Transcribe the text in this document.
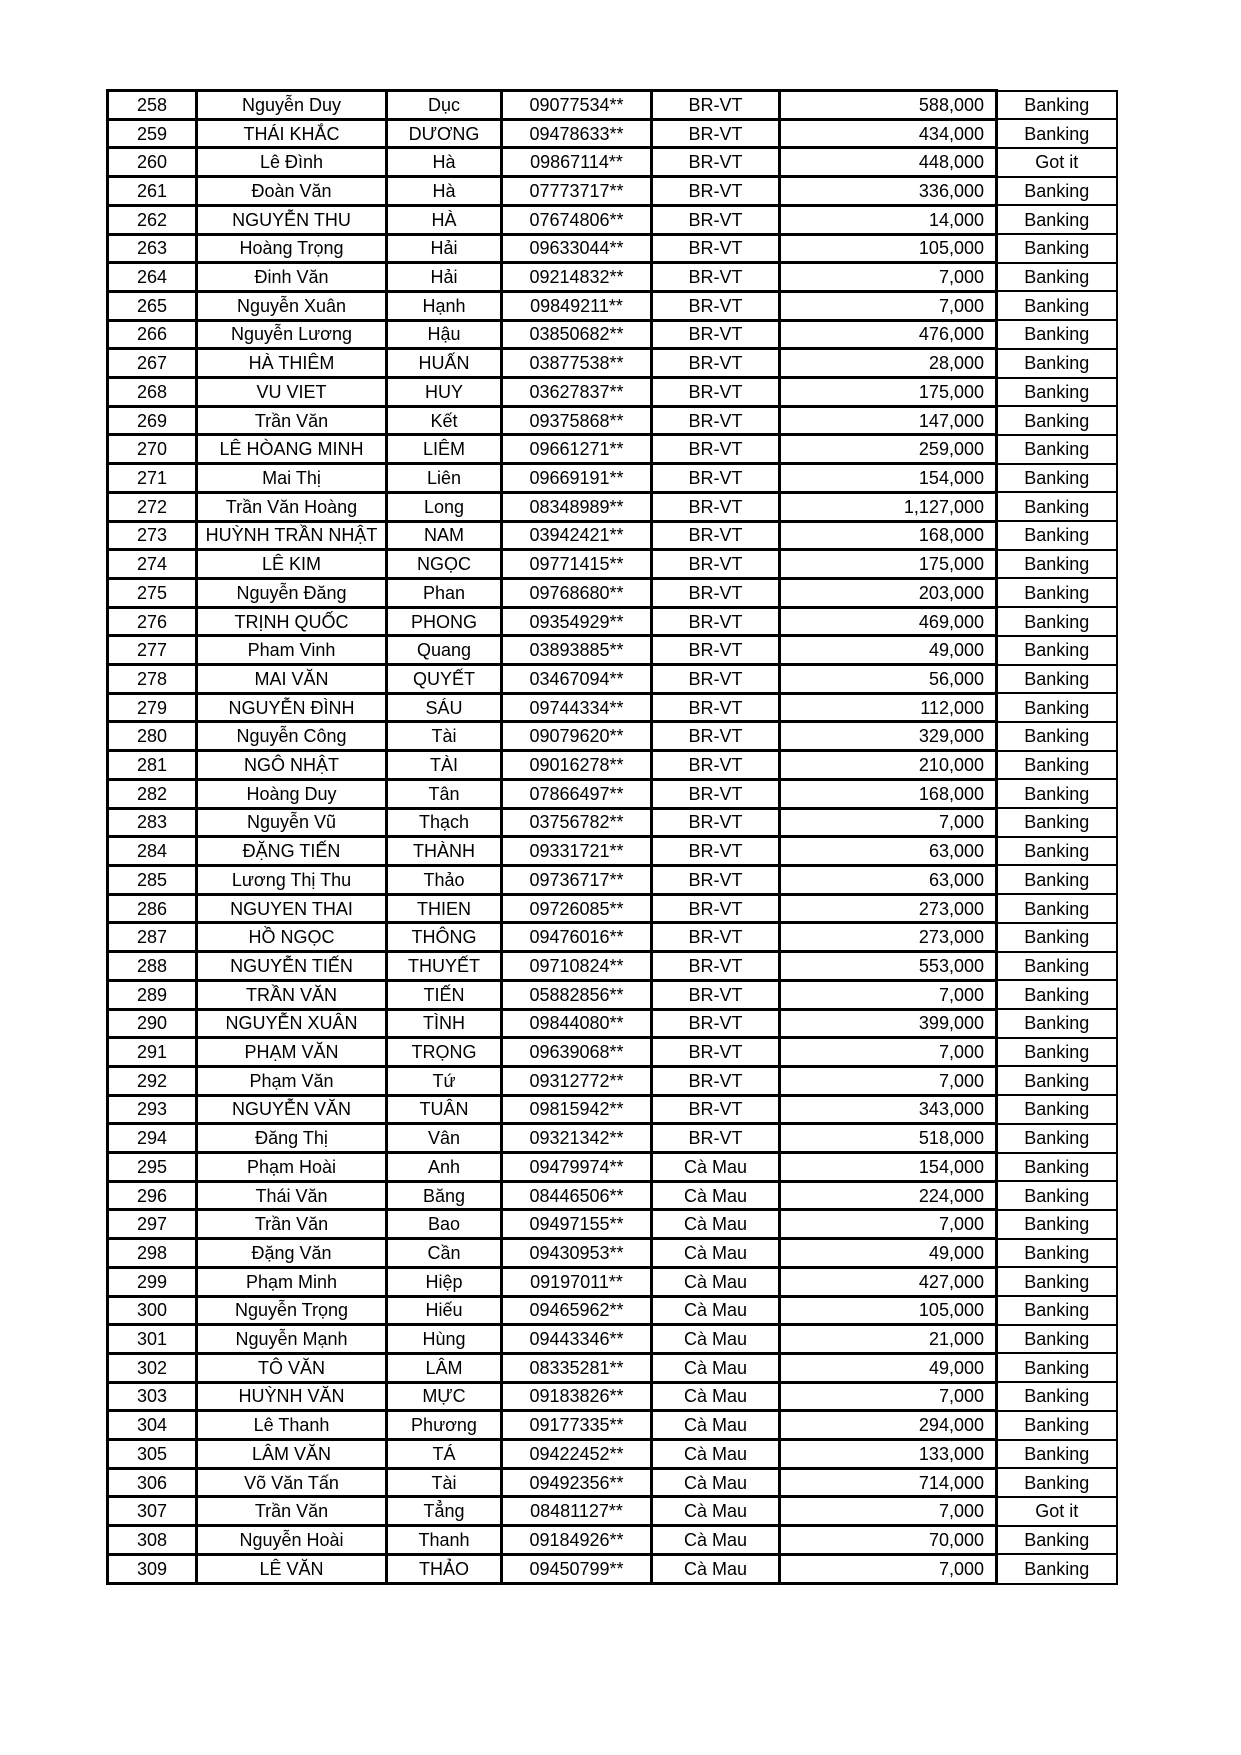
258	Nguyễn Duy	Dục	09077534**	BR-VT	588,000	Banking
259	THÁI KHẮC	DƯƠNG	09478633**	BR-VT	434,000	Banking
260	Lê Đình	Hà	09867114**	BR-VT	448,000	Got it
261	Đoàn Văn	Hà	07773717**	BR-VT	336,000	Banking
262	NGUYỄN THU	HÀ	07674806**	BR-VT	14,000	Banking
263	Hoàng Trọng	Hải	09633044**	BR-VT	105,000	Banking
264	Đinh Văn	Hải	09214832**	BR-VT	7,000	Banking
265	Nguyễn Xuân	Hạnh	09849211**	BR-VT	7,000	Banking
266	Nguyễn Lương	Hậu	03850682**	BR-VT	476,000	Banking
267	HÀ THIÊM	HUẤN	03877538**	BR-VT	28,000	Banking
268	VU VIET	HUY	03627837**	BR-VT	175,000	Banking
269	Trần Văn	Kết	09375868**	BR-VT	147,000	Banking
270	LÊ HÒANG MINH	LIÊM	09661271**	BR-VT	259,000	Banking
271	Mai Thị	Liên	09669191**	BR-VT	154,000	Banking
272	Trần Văn Hoàng	Long	08348989**	BR-VT	1,127,000	Banking
273	HUỲNH TRẦN NHẬT	NAM	03942421**	BR-VT	168,000	Banking
274	LÊ KIM	NGỌC	09771415**	BR-VT	175,000	Banking
275	Nguyễn Đăng	Phan	09768680**	BR-VT	203,000	Banking
276	TRỊNH QUỐC	PHONG	09354929**	BR-VT	469,000	Banking
277	Pham Vinh	Quang	03893885**	BR-VT	49,000	Banking
278	MAI VĂN	QUYẾT	03467094**	BR-VT	56,000	Banking
279	NGUYỄN ĐÌNH	SÁU	09744334**	BR-VT	112,000	Banking
280	Nguyễn Công	Tài	09079620**	BR-VT	329,000	Banking
281	NGÔ NHẬT	TÀI	09016278**	BR-VT	210,000	Banking
282	Hoàng Duy	Tân	07866497**	BR-VT	168,000	Banking
283	Nguyễn Vũ	Thạch	03756782**	BR-VT	7,000	Banking
284	ĐẶNG TIẾN	THÀNH	09331721**	BR-VT	63,000	Banking
285	Lương Thị Thu	Thảo	09736717**	BR-VT	63,000	Banking
286	NGUYEN THAI	THIEN	09726085**	BR-VT	273,000	Banking
287	HỒ NGỌC	THÔNG	09476016**	BR-VT	273,000	Banking
288	NGUYỄN TIẾN	THUYẾT	09710824**	BR-VT	553,000	Banking
289	TRẦN VĂN	TIẾN	05882856**	BR-VT	7,000	Banking
290	NGUYỄN XUÂN	TÌNH	09844080**	BR-VT	399,000	Banking
291	PHẠM VĂN	TRỌNG	09639068**	BR-VT	7,000	Banking
292	Phạm Văn	Tứ	09312772**	BR-VT	7,000	Banking
293	NGUYỄN VĂN	TUÂN	09815942**	BR-VT	343,000	Banking
294	Đăng Thị	Vân	09321342**	BR-VT	518,000	Banking
295	Phạm Hoài	Anh	09479974**	Cà Mau	154,000	Banking
296	Thái Văn	Băng	08446506**	Cà Mau	224,000	Banking
297	Trần Văn	Bao	09497155**	Cà Mau	7,000	Banking
298	Đặng Văn	Cần	09430953**	Cà Mau	49,000	Banking
299	Phạm Minh	Hiệp	09197011**	Cà Mau	427,000	Banking
300	Nguyễn Trọng	Hiếu	09465962**	Cà Mau	105,000	Banking
301	Nguyễn Mạnh	Hùng	09443346**	Cà Mau	21,000	Banking
302	TÔ VĂN	LÂM	08335281**	Cà Mau	49,000	Banking
303	HUỲNH VĂN	MỰC	09183826**	Cà Mau	7,000	Banking
304	Lê Thanh	Phương	09177335**	Cà Mau	294,000	Banking
305	LÂM VĂN	TÁ	09422452**	Cà Mau	133,000	Banking
306	Võ Văn Tấn	Tài	09492356**	Cà Mau	714,000	Banking
307	Trần Văn	Tẳng	08481127**	Cà Mau	7,000	Got it
308	Nguyễn Hoài	Thanh	09184926**	Cà Mau	70,000	Banking
309	LÊ VĂN	THẢO	09450799**	Cà Mau	7,000	Banking
